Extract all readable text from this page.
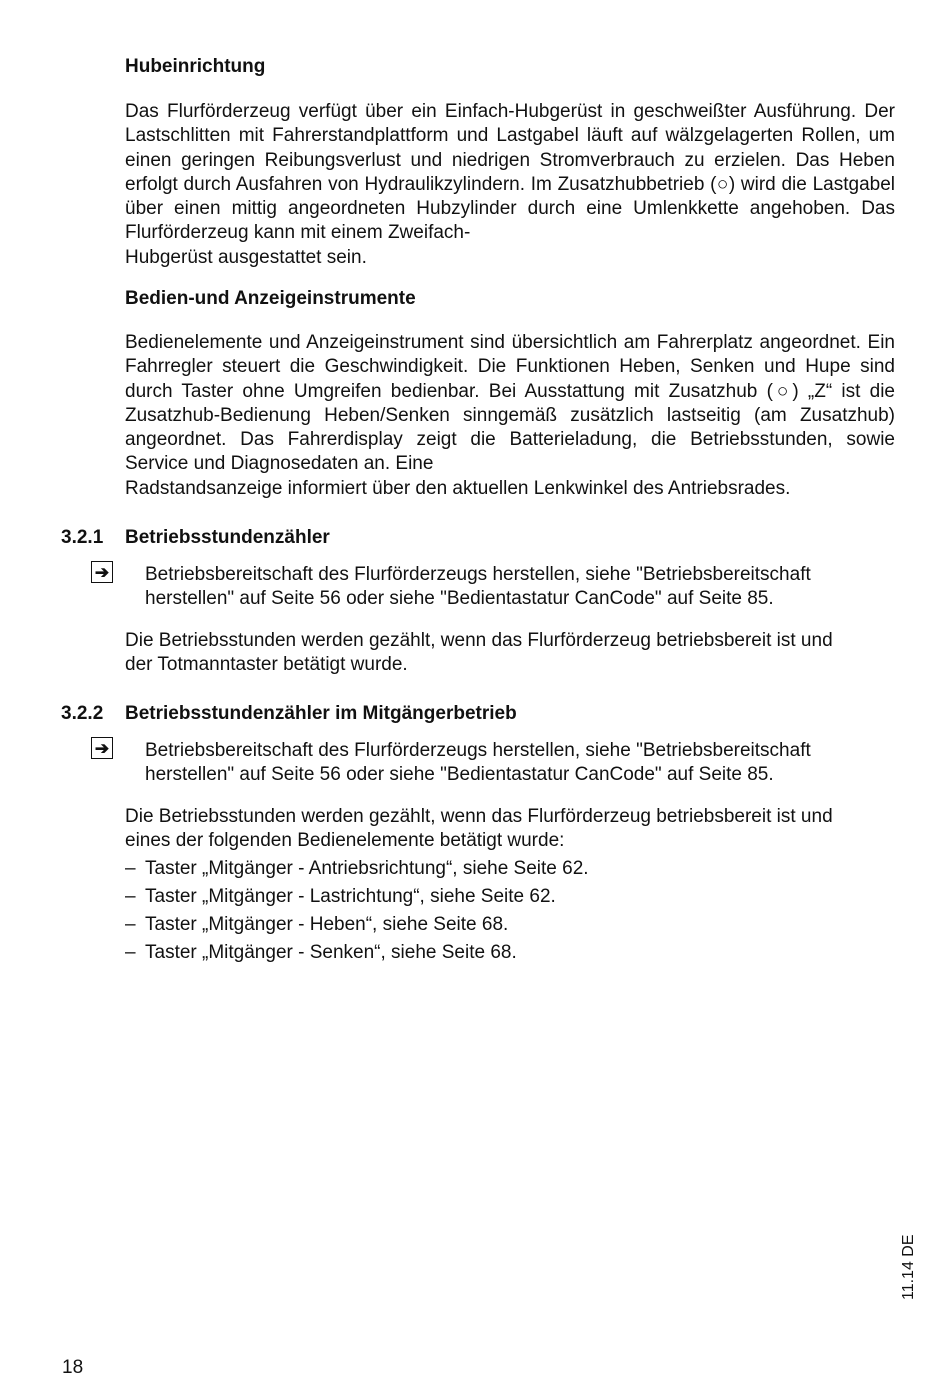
Hubeinrichtung

Das Flurförderzeug verfügt über ein Einfach-Hubgerüst in geschweißter Ausführung. Der Lastschlitten mit Fahrerstandplattform und Lastgabel läuft auf wälzgelagerten Rollen, um einen geringen Reibungsverlust und niedrigen Stromverbrauch zu erzielen. Das Heben erfolgt durch Ausfahren von Hydraulikzylindern. Im Zusatzhubbetrieb (○) wird die Lastgabel über einen mittig angeordneten Hubzylinder durch eine Umlenkkette angehoben. Das Flurförderzeug kann mit einem Zweifach-
Hubgerüst ausgestattet sein.

Bedien-und Anzeigeinstrumente

Bedienelemente und Anzeigeinstrument sind übersichtlich am Fahrerplatz angeordnet. Ein Fahrregler steuert die Geschwindigkeit. Die Funktionen Heben, Senken und Hupe sind durch Taster ohne Umgreifen bedienbar. Bei Ausstattung mit Zusatzhub (○) „Z“ ist die Zusatzhub-Bedienung Heben/Senken sinngemäß zusätzlich lastseitig (am Zusatzhub) angeordnet. Das Fahrerdisplay zeigt die Batterieladung, die Betriebsstunden, sowie Service und Diagnosedaten an. Eine
Radstandsanzeige informiert über den aktuellen Lenkwinkel des Antriebsrades.

3.2.1 Betriebsstundenzähler
➔ Betriebsbereitschaft des Flurförderzeugs herstellen, siehe "Betriebsbereitschaft
herstellen" auf Seite 56 oder siehe "Bedientastatur CanCode" auf Seite 85.

Die Betriebsstunden werden gezählt, wenn das Flurförderzeug betriebsbereit ist und
der Totmanntaster betätigt wurde.

3.2.2 Betriebsstundenzähler im Mitgängerbetrieb
➔ Betriebsbereitschaft des Flurförderzeugs herstellen, siehe "Betriebsbereitschaft
herstellen" auf Seite 56 oder siehe "Bedientastatur CanCode" auf Seite 85.

Die Betriebsstunden werden gezählt, wenn das Flurförderzeug betriebsbereit ist und
eines der folgenden Bedienelemente betätigt wurde:

– Taster „Mitgänger - Antriebsrichtung“, siehe Seite 62.
– Taster „Mitgänger - Lastrichtung“, siehe Seite 62.
– Taster „Mitgänger - Heben“, siehe Seite 68.
– Taster „Mitgänger - Senken“, siehe Seite 68.
18
11.14 DE
